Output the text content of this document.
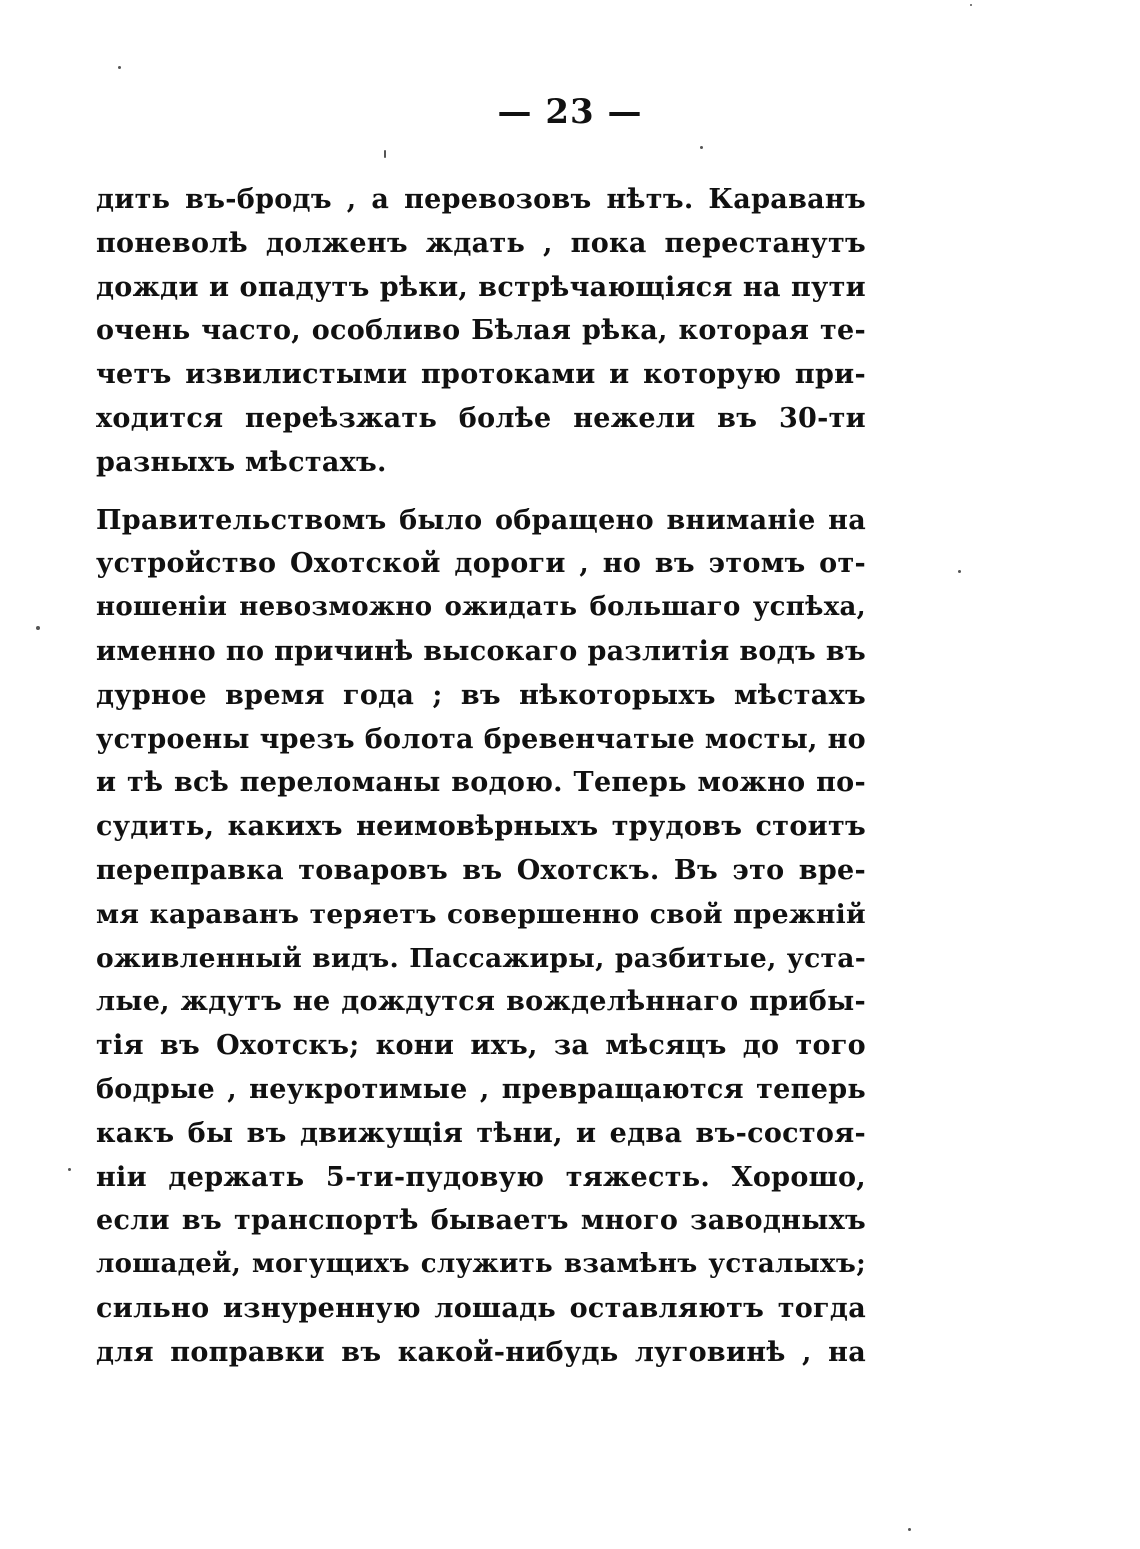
— 23 —
дить въ-бродъ , а перевозовъ нѣтъ. Караванъ
поневолѣ долженъ ждать , пока перестанутъ
дожди и опадутъ рѣки, встрѣчающіяся на пути
очень часто, особливо Бѣлая рѣка, которая те-
четъ извилистыми протоками и которую при-
ходится переѣзжать болѣе нежели въ 30-ти
разныхъ мѣстахъ.
Правительствомъ было обращено вниманіе на
устройство Охотской дороги , но въ этомъ от-
ношеніи невозможно ожидать большаго успѣха,
именно по причинѣ высокаго разлитія водъ въ
дурное время года ; въ нѣкоторыхъ мѣстахъ
устроены чрезъ болота бревенчатые мосты, но
и тѣ всѣ переломаны водою. Теперь можно по-
судить, какихъ неимовѣрныхъ трудовъ стоитъ
переправка товаровъ въ Охотскъ. Въ это вре-
мя караванъ теряетъ совершенно свой прежній
оживленный видъ. Пассажиры, разбитые, уста-
лые, ждутъ не дождутся вожделѣннаго прибы-
тія въ Охотскъ; кони ихъ, за мѣсяцъ до того
бодрые , неукротимые , превращаются теперь
какъ бы въ движущія тѣни, и едва въ-состоя-
ніи держать 5-ти-пудовую тяжесть. Хорошо,
если въ транспортѣ бываетъ много заводныхъ
лошадей, могущихъ служить взамѣнъ усталыхъ;
сильно изнуренную лошадь оставляютъ тогда
для поправки въ какой-нибудь луговинѣ , на
